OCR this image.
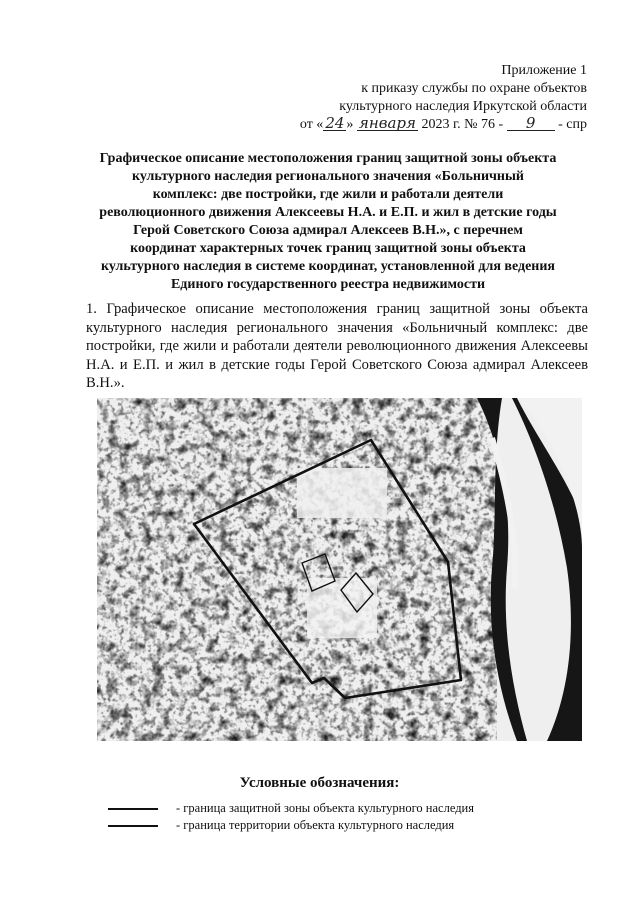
Приложение 1
к приказу службы по охране объектов
культурного наследия Иркутской области
от « 24 » января 2023 г. № 76 - 9 - спр
Графическое описание местоположения границ защитной зоны объекта
культурного наследия регионального значения «Больничный
комплекс: две постройки, где жили и работали деятели
революционного движения Алексеевы Н.А. и Е.П. и жил в детские годы
Герой Советского Союза адмирал Алексеев В.Н.», с перечнем
координат характерных точек границ защитной зоны объекта
культурного наследия в системе координат, установленной для ведения
Единого государственного реестра недвижимости
1. Графическое описание местоположения границ защитной зоны объекта культурного наследия регионального значения «Больничный комплекс: две постройки, где жили и работали деятели революционного движения Алексеевы Н.А. и Е.П. и жил в детские годы Герой Советского Союза адмирал Алексеев В.Н.».
Условные обозначения:
- граница защитной зоны объекта культурного наследия
- граница территории объекта культурного наследия
